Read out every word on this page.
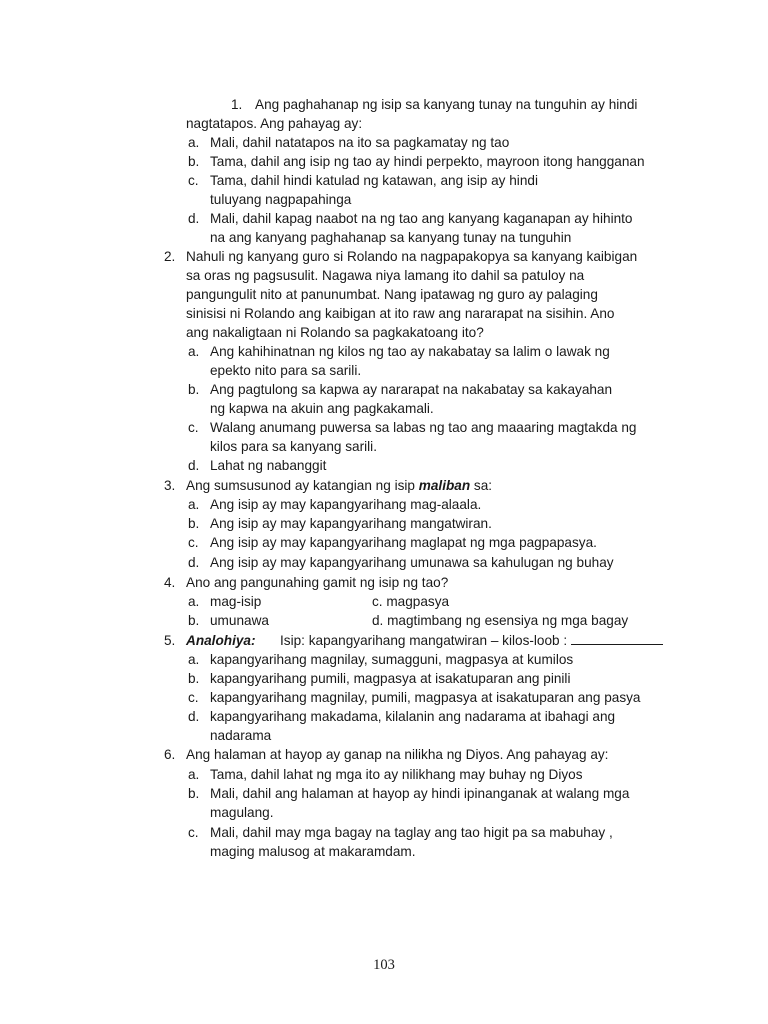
1. Ang paghahanap ng isip sa kanyang tunay na tunguhin ay hindi
nagtatapos. Ang pahayag ay:
a. Mali, dahil natatapos na ito sa pagkamatay ng tao
b. Tama, dahil ang isip ng tao ay hindi perpekto, mayroon itong hangganan
c. Tama, dahil hindi katulad ng katawan, ang isip ay hindi
tuluyang nagpapahinga
d. Mali, dahil kapag naabot na ng tao ang kanyang kaganapan ay hihinto
na ang kanyang paghahanap sa kanyang tunay na tunguhin
2. Nahuli ng kanyang guro si Rolando na nagpapakopya sa kanyang kaibigan
sa oras ng pagsusulit. Nagawa niya lamang ito dahil sa patuloy na
pangungulit nito at panunumbat. Nang ipatawag ng guro ay palaging
sinisisi ni Rolando ang kaibigan at ito raw ang nararapat na sisihin. Ano
ang nakaligtaan ni Rolando sa pagkakatoang ito?
a. Ang kahihinatnan ng kilos ng tao ay nakabatay sa lalim o lawak ng
epekto nito para sa sarili.
b. Ang pagtulong sa kapwa ay nararapat na nakabatay sa kakayahan
ng kapwa na akuin ang pagkakamali.
c. Walang anumang puwersa sa labas ng tao ang maaaring magtakda ng
kilos para sa kanyang sarili.
d. Lahat ng nabanggit
3. Ang sumsusunod ay katangian ng isip maliban sa:
a. Ang isip ay may kapangyarihang mag-alaala.
b. Ang isip ay may kapangyarihang mangatwiran.
c. Ang isip ay may kapangyarihang maglapat ng mga pagpapasya.
d. Ang isip ay may kapangyarihang umunawa sa kahulugan ng buhay
4. Ano ang pangunahing gamit ng isip ng tao?
a. mag-isip	c. magpasya
b. umunawa	d. magtimbang ng esensiya ng mga bagay
5. Analohiya: Isip: kapangyarihang mangatwiran – kilos-loob :
a. kapangyarihang magnilay, sumagguni, magpasya at kumilos
b. kapangyarihang pumili, magpasya at isakatuparan ang pinili
c. kapangyarihang magnilay, pumili, magpasya at isakatuparan ang pasya
d. kapangyarihang makadama, kilalanin ang nadarama at ibahagi ang
nadarama
6. Ang halaman at hayop ay ganap na nilikha ng Diyos. Ang pahayag ay:
a. Tama, dahil lahat ng mga ito ay nilikhang may buhay ng Diyos
b. Mali, dahil ang halaman at hayop ay hindi ipinanganak at walang mga
magulang.
c. Mali, dahil may mga bagay na taglay ang tao higit pa sa mabuhay ,
maging malusog at makaramdam.
103
